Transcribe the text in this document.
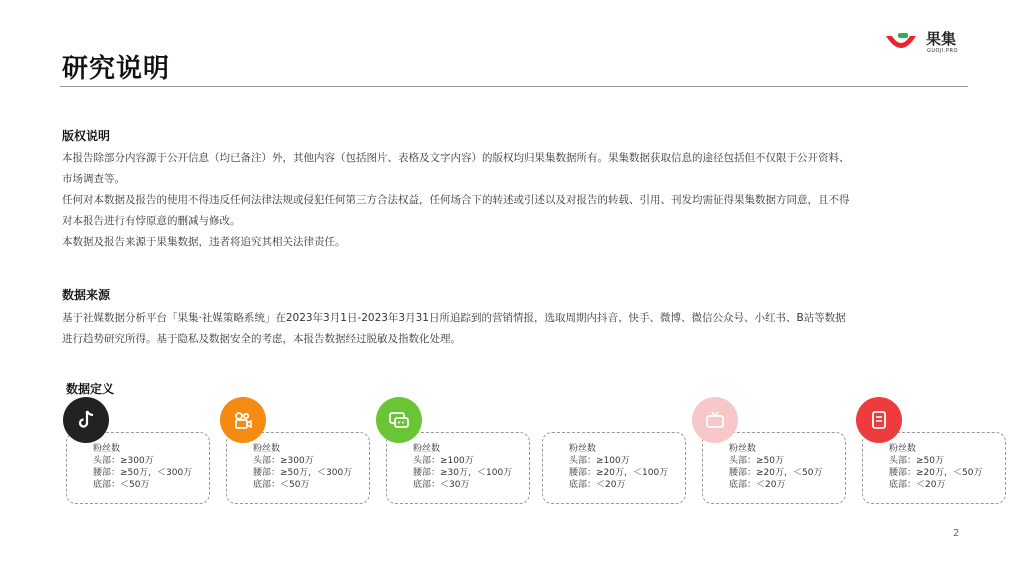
研究说明
果集
GUOJI.PRO
版权说明

本报告除部分内容源于公开信息（均已备注）外，其他内容（包括图片、表格及文字内容）的版权均归果集数据所有。果集数据获取信息的途径包括但不仅限于公开资料、

市场调查等。

任何对本数据及报告的使用不得违反任何法律法规或侵犯任何第三方合法权益，任何场合下的转述或引述以及对报告的转载、引用、刊发均需征得果集数据方同意，且不得

对本报告进行有悖原意的删减与修改。

本数据及报告来源于果集数据，违者将追究其相关法律责任。

数据来源

基于社媒数据分析平台「果集·社媒策略系统」在2023年3月1日-2023年3月31日所追踪到的营销情报，选取周期内抖音、快手、微博、微信公众号、小红书、B站等数据

进行趋势研究所得。基于隐私及数据安全的考虑，本报告数据经过脱敏及指数化处理。

数据定义
粉丝数
头部：≥300万
腰部：≥50万，＜300万
底部：＜50万
粉丝数
头部：≥300万
腰部：≥50万，＜300万
底部：＜50万
粉丝数
头部：≥100万
腰部：≥30万，＜100万
底部：＜30万
粉丝数
头部：≥100万
腰部：≥20万，＜100万
底部：＜20万
粉丝数
头部：≥50万
腰部：≥20万，＜50万
底部：＜20万
粉丝数
头部：≥50万
腰部：≥20万，＜50万
底部：＜20万
2
